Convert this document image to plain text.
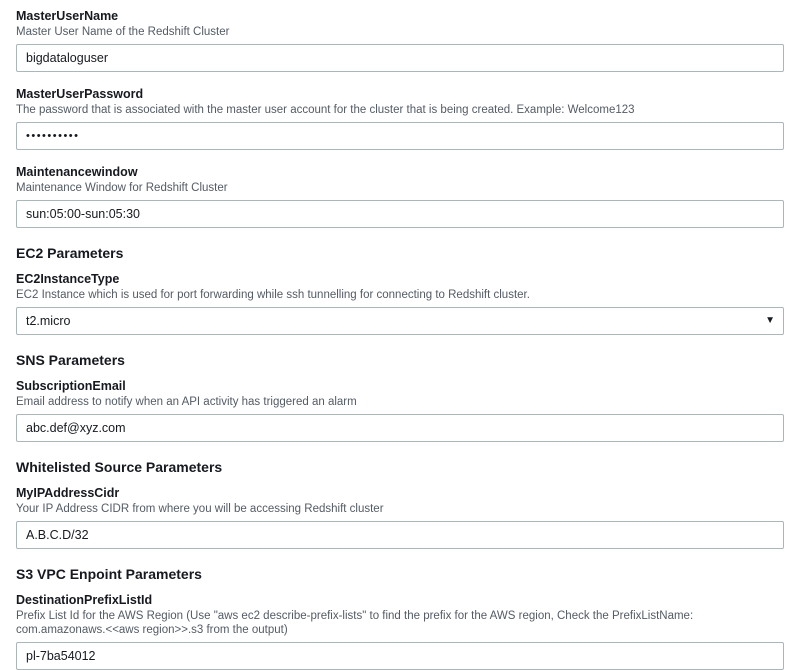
MasterUserName
Master User Name of the Redshift Cluster
bigdataloguser
MasterUserPassword
The password that is associated with the master user account for the cluster that is being created. Example: Welcome123
••••••••••
Maintenancewindow
Maintenance Window for Redshift Cluster
sun:05:00-sun:05:30
EC2 Parameters
EC2InstanceType
EC2 Instance which is used for port forwarding while ssh tunnelling for connecting to Redshift cluster.
t2.micro
▼
SNS Parameters
SubscriptionEmail
Email address to notify when an API activity has triggered an alarm
abc.def@xyz.com
Whitelisted Source Parameters
MyIPAddressCidr
Your IP Address CIDR from where you will be accessing Redshift cluster
A.B.C.D/32
S3 VPC Enpoint Parameters
DestinationPrefixListId
Prefix List Id for the AWS Region (Use "aws ec2 describe-prefix-lists" to find the prefix for the AWS region, Check the PrefixListName: com.amazonaws.<<aws region>>.s3 from the output)
pl-7ba54012
